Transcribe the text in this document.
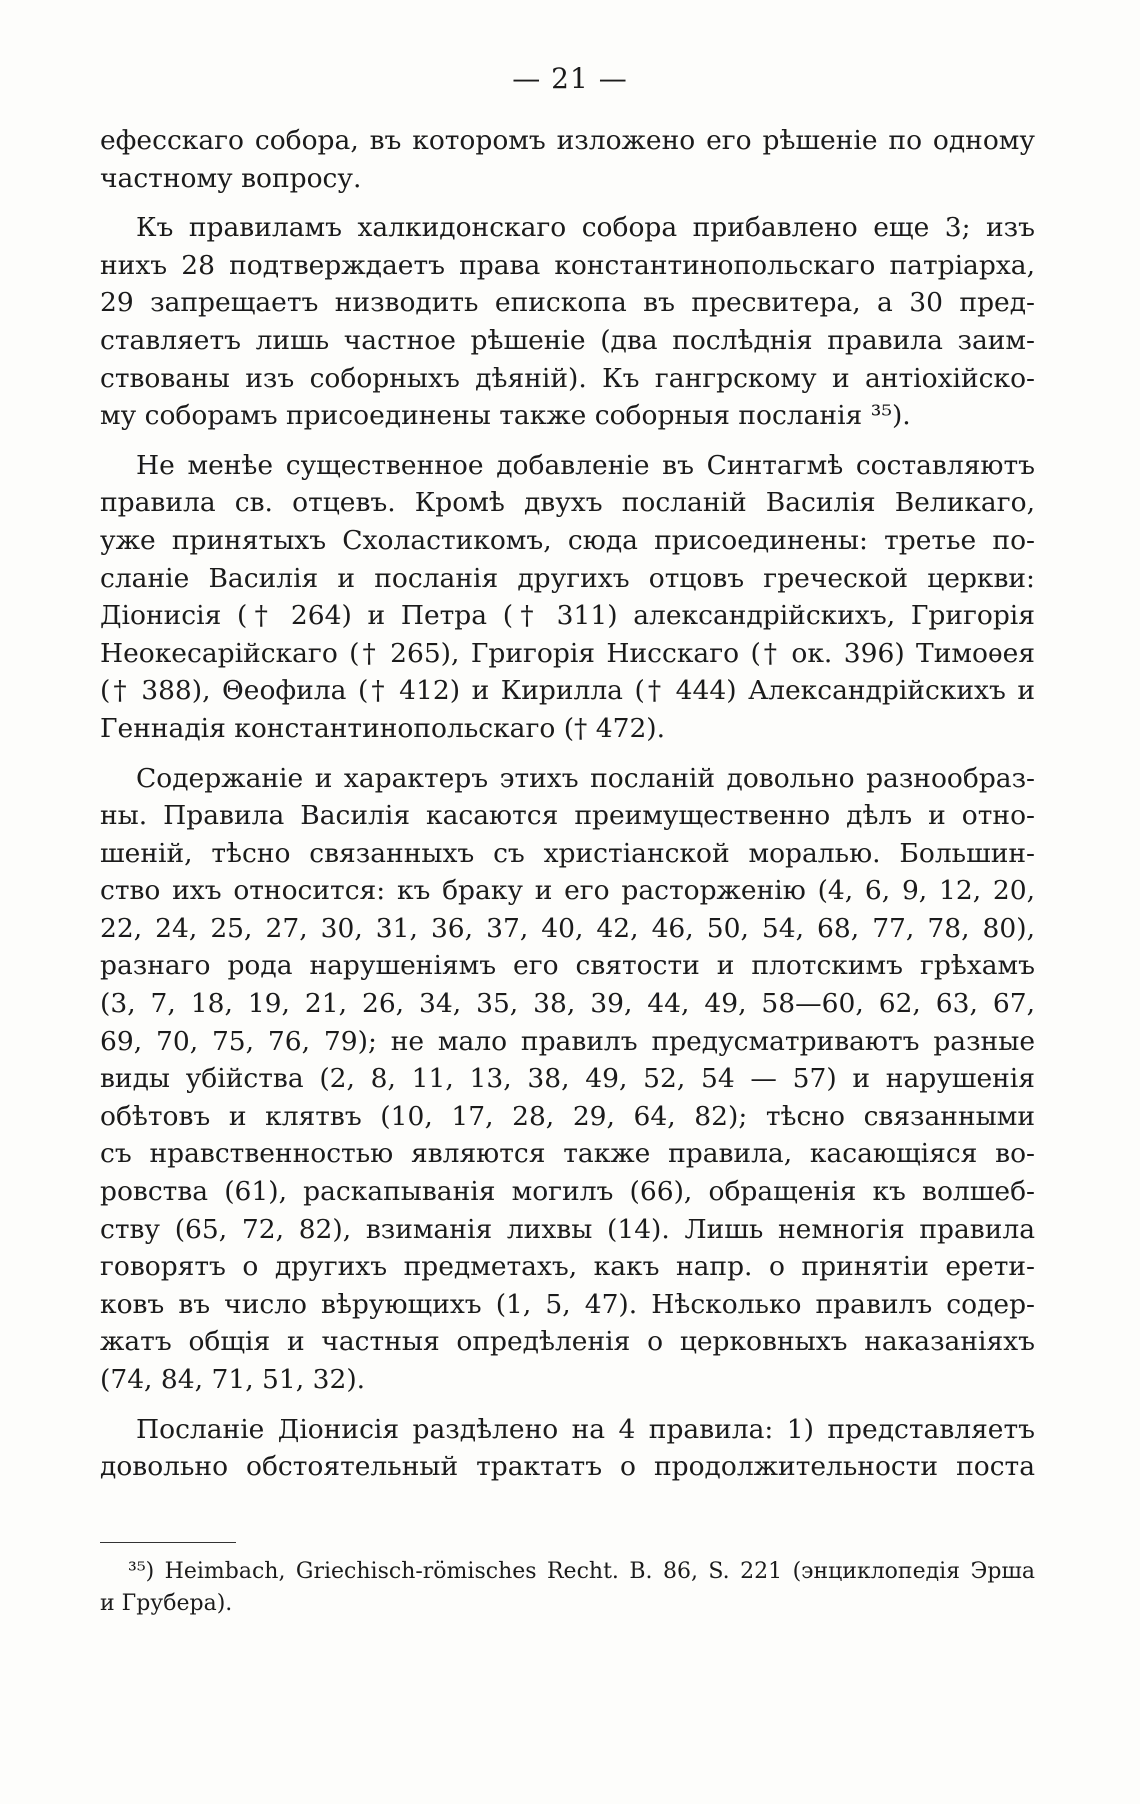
— 21 —
ефесскаго собора, въ которомъ изложено его рѣшеніе по одному
частному вопросу.
Къ правиламъ халкидонскаго собора прибавлено еще 3; изъ
нихъ 28 подтверждаетъ права константинопольскаго патріарха,
29 запрещаетъ низводить епископа въ пресвитера, а 30 пред-
ставляетъ лишь частное рѣшеніе (два послѣднія правила заим-
ствованы изъ соборныхъ дѣяній). Къ гангрскому и антіохійско-
му соборамъ присоединены также соборныя посланія ³⁵).
Не менѣе существенное добавленіе въ Синтагмѣ составляютъ
правила св. отцевъ. Кромѣ двухъ посланій Василія Великаго,
уже принятыхъ Схоластикомъ, сюда присоединены: третье по-
сланіе Василія и посланія другихъ отцовъ греческой церкви:
Діонисія († 264) и Петра († 311) александрійскихъ, Григорія
Неокесарійскаго († 265), Григорія Нисскаго († ок. 396) Тимоѳея
(† 388), Θеофила († 412) и Кирилла († 444) Александрійскихъ и
Геннадія константинопольскаго († 472).
Содержаніе и характеръ этихъ посланій довольно разнообраз-
ны. Правила Василія касаются преимущественно дѣлъ и отно-
шеній, тѣсно связанныхъ съ христіанской моралью. Большин-
ство ихъ относится: къ браку и его расторженію (4, 6, 9, 12, 20,
22, 24, 25, 27, 30, 31, 36, 37, 40, 42, 46, 50, 54, 68, 77, 78, 80),
разнаго рода нарушеніямъ его святости и плотскимъ грѣхамъ
(3, 7, 18, 19, 21, 26, 34, 35, 38, 39, 44, 49, 58—60, 62, 63, 67,
69, 70, 75, 76, 79); не мало правилъ предусматриваютъ разные
виды убійства (2, 8, 11, 13, 38, 49, 52, 54 — 57) и нарушенія
обѣтовъ и клятвъ (10, 17, 28, 29, 64, 82); тѣсно связанными
съ нравственностью являются также правила, касающіяся во-
ровства (61), раскапыванія могилъ (66), обращенія къ волшеб-
ству (65, 72, 82), взиманія лихвы (14). Лишь немногія правила
говорятъ о другихъ предметахъ, какъ напр. о принятіи ерети-
ковъ въ число вѣрующихъ (1, 5, 47). Нѣсколько правилъ содер-
жатъ общія и частныя опредѣленія о церковныхъ наказаніяхъ
(74, 84, 71, 51, 32).
Посланіе Діонисія раздѣлено на 4 правила: 1) представляетъ
довольно обстоятельный трактатъ о продолжительности поста
³⁵) Heimbach, Griechisch-römisches Recht. B. 86, S. 221 (энциклопедія Эрша
и Грубера).
